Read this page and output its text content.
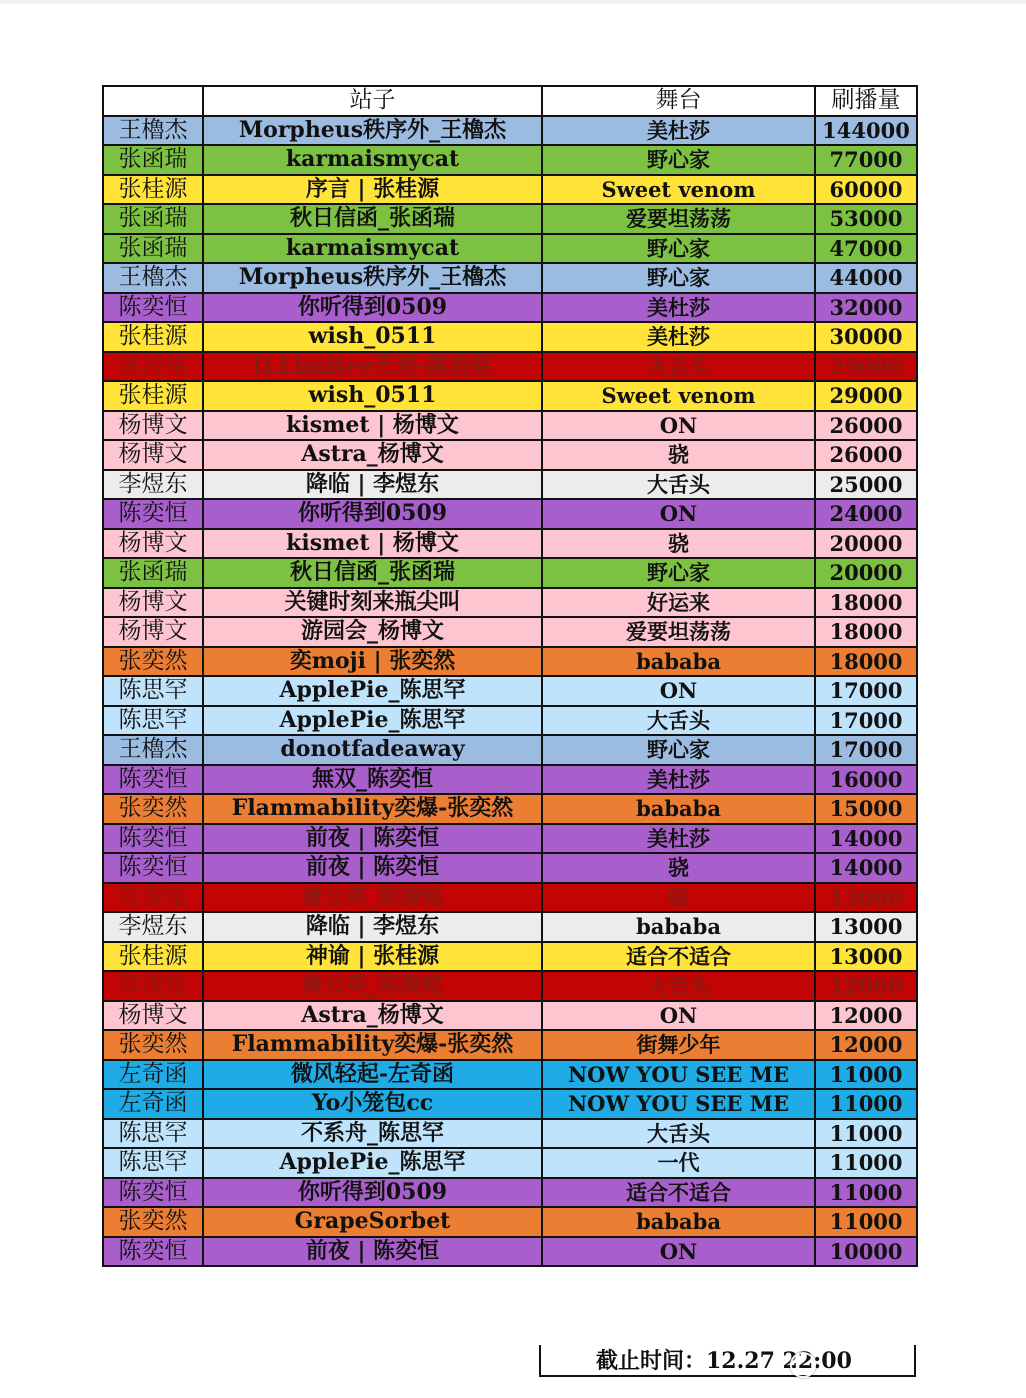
	站子	舞台	刷播量
王櫓杰	Morpheus秩序外_王櫓杰	美杜莎	144000
张函瑞	karmaismycat	野心家	77000
张桂源	序言 | 张桂源	Sweet venom	60000
张函瑞	秋日信函_张函瑞	爱要坦荡荡	53000
张函瑞	karmaismycat	野心家	47000
王櫓杰	Morpheus秩序外_王櫓杰	野心家	44000
陈奕恒	你听得到0509	美杜莎	32000
张桂源	wish_0511	美杜莎	30000
陈浚铭	ILLImitee无迹-陈浚铭	大舌头	29000
张桂源	wish_0511	Sweet venom	29000
杨博文	kismet | 杨博文	ON	26000
杨博文	Astra_杨博文	骁	26000
李煜东	降临 | 李煜东	大舌头	25000
陈奕恒	你听得到0509	ON	24000
杨博文	kismet | 杨博文	骁	20000
张函瑞	秋日信函_张函瑞	野心家	20000
杨博文	关键时刻来瓶尖叫	好运来	18000
杨博文	游园会_杨博文	爱要坦荡荡	18000
张奕然	奕moji | 张奕然	bababa	18000
陈思罕	ApplePie_陈思罕	ON	17000
陈思罕	ApplePie_陈思罕	大舌头	17000
王櫓杰	donotfadeaway	野心家	17000
陈奕恒	無双_陈奕恒	美杜莎	16000
张奕然	Flammability奕爆-张奕然	bababa	15000
陈奕恒	前夜 | 陈奕恒	美杜莎	14000
陈奕恒	前夜 | 陈奕恒	骁	14000
陈浚铭	蒲公英_陈浚铭	骁	13000
李煜东	降临 | 李煜东	bababa	13000
张桂源	神谕 | 张桂源	适合不适合	13000
陈浚铭	蒲公英_陈浚铭	大舌头	12000
杨博文	Astra_杨博文	ON	12000
张奕然	Flammability奕爆-张奕然	街舞少年	12000
左奇函	微风轻起-左奇函	NOW YOU SEE ME	11000
左奇函	Yo小笼包cc	NOW YOU SEE ME	11000
陈思罕	不系舟_陈思罕	大舌头	11000
陈思罕	ApplePie_陈思罕	一代	11000
陈奕恒	你听得到0509	适合不适合	11000
张奕然	GrapeSorbet	bababa	11000
陈奕恒	前夜 | 陈奕恒	ON	10000
截止时间：12.27 22:00
